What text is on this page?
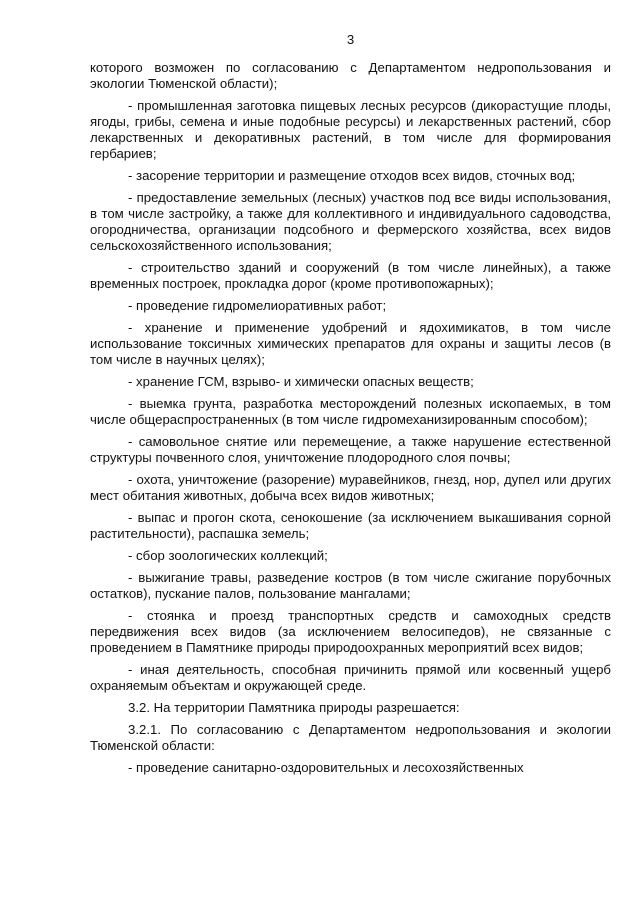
3

которого возможен по согласованию с Департаментом недропользования и экологии Тюменской области);

- промышленная заготовка пищевых лесных ресурсов (дикорастущие плоды, ягоды, грибы, семена и иные подобные ресурсы) и лекарственных растений, сбор лекарственных и декоративных растений, в том числе для формирования гербариев;

- засорение территории и размещение отходов всех видов, сточных вод;

- предоставление земельных (лесных) участков под все виды использования, в том числе застройку, а также для коллективного и индивидуального садоводства, огородничества, организации подсобного и фермерского хозяйства, всех видов сельскохозяйственного использования;

- строительство зданий и сооружений (в том числе линейных), а также временных построек, прокладка дорог (кроме противопожарных);

- проведение гидромелиоративных работ;

- хранение и применение удобрений и ядохимикатов, в том числе использование токсичных химических препаратов для охраны и защиты лесов (в том числе в научных целях);

- хранение ГСМ, взрыво- и химически опасных веществ;

- выемка грунта, разработка месторождений полезных ископаемых, в том числе общераспространенных (в том числе гидромеханизированным способом);

- самовольное снятие или перемещение, а также нарушение естественной структуры почвенного слоя, уничтожение плодородного слоя почвы;

- охота, уничтожение (разорение) муравейников, гнезд, нор, дупел или других мест обитания животных, добыча всех видов животных;

- выпас и прогон скота, сенокошение (за исключением выкашивания сорной растительности), распашка земель;

- сбор зоологических коллекций;

- выжигание травы, разведение костров (в том числе сжигание порубочных остатков), пускание палов, пользование мангалами;

- стоянка и проезд транспортных средств и самоходных средств передвижения всех видов (за исключением велосипедов), не связанные с проведением в Памятнике природы природоохранных мероприятий всех видов;

- иная деятельность, способная причинить прямой или косвенный ущерб охраняемым объектам и окружающей среде.

3.2. На территории Памятника природы разрешается:

3.2.1. По согласованию с Департаментом недропользования и экологии Тюменской области:

- проведение санитарно-оздоровительных и лесохозяйственных
